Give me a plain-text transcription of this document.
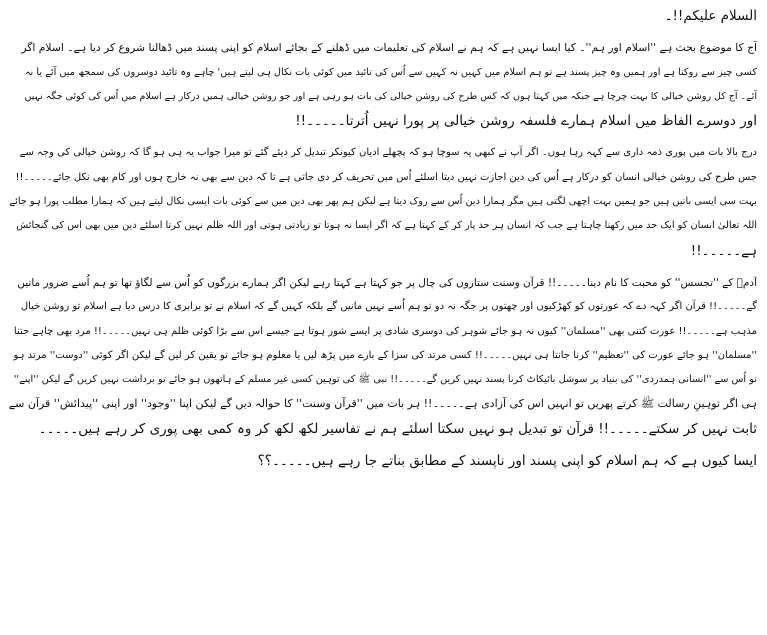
السلام علیکم!!۔
آج کا موضوع بحث ہے ''اسلام اور ہم''۔ کیا ایسا نہیں ہے کہ ہم نے اسلام کی تعلیمات میں ڈھلنے کے بجائے اسلام کو اپنی پسند میں ڈھالنا شروع کر دیا ہے۔ اسلام اگر
کسی چیز سے روکتا ہے اور ہمیں وہ چیز پسند ہے تو ہم اسلام میں کہیں نہ کہیں سے اُس کی تائید میں کوئی بات نکال ہی لیتے ہیں' چاہے وہ تائید دوسروں کی سمجھ میں آئے یا نہ
آئے۔ آج کل روشن خیالی کا بہت چرچا ہے جبکہ میں کہتا ہوں کہ کس طرح کی روشن خیالی کی بات ہو رہی ہے اور جو روشن خیالی ہمیں درکار ہے اسلام میں اُس کی کوئی جگہ نہیں
اور دوسرے الفاظ میں اسلام ہمارے فلسفہ روشن خیالی پر پورا نہیں اُترتا۔۔۔۔۔!!
درج بالا بات میں پوری ذمہ داری سے کہہ رہا ہوں۔ اگر آپ نے کبھی یہ سوچا ہو کہ پچھلے ادیان کیونکر تبدیل کر دیئے گئے تو میرا جواب یہ ہی ہو گا کہ روشن خیالی کی وجہ سے
جس طرح کی روشن خیالی انسان کو درکار ہے اُس کی دین اجازت نہیں دیتا اسلئے اُس میں تحریف کر دی جاتی ہے تا کہ دین سے بھی نہ خارج ہوں اور کام بھی نکل جائے۔۔۔۔۔!!
بہت سی ایسی باتیں ہیں جو ہمیں بہت اچھی لگتی ہیں مگر ہمارا دین اُس سے روک دیتا ہے لیکن ہم پھر بھی دین میں سے کوئی بات ایسی نکال لیتے ہیں کہ ہمارا مطلب پورا ہو جائے
اللہ تعالیٰ انسان کو ایک حد میں رکھنا چاہتا ہے جب کہ انسان ہر حد پار کر کے کہتا ہے کہ اگر ایسا نہ ہوتا تو زیادتی ہوتی اور اللہ ظلم نہیں کرتا اسلئے دین میں بھی اس کی گنجائش
ہے۔۔۔۔۔!!
آدمؑ کے ''تجسس'' کو محبت کا نام دینا۔۔۔۔۔!! قرآن وسنت ستاروں کی چال پر جو کہتا ہے کہتا رہے لیکن اگر ہمارے بزرگوں کو اُس سے لگاؤ تھا تو ہم اُسے ضرور مانیں
گے۔۔۔۔۔!! قرآن اگر کہہ دے کہ عورتوں کو کھڑکیوں اور چھتوں پر جگہ نہ دو تو ہم اُسے نہیں مانیں گے بلکہ کہیں گے کہ اسلام نے تو برابری کا درس دیا ہے اسلام تو روشن خیال
مذہب ہے۔۔۔۔۔!! عورت کتنی بھی ''مسلمان'' کیوں نہ ہو جائے شوہر کی دوسری شادی پر ایسے شور ہوتا ہے جیسے اس سے بڑا کوئی ظلم ہی نہیں۔۔۔۔۔!! مرد بھی چاہے جتنا
''مسلمان'' ہو جائے عورت کی ''تعظیم'' کرنا جانتا ہی نہیں۔۔۔۔۔!! کسی مرتد کی سزا کے بارے میں پڑھ لیں یا معلوم ہو جائے تو یقین کر لیں گے لیکن اگر کوئی ''دوست'' مرتد ہو
تو اُس سے ''انسانی ہمدردی'' کی بنیاد پر سوشل بائیکاٹ کرنا پسند نہیں کریں گے۔۔۔۔۔!! نبی ﷺ کی توہین کسی غیر مسلم کے ہاتھوں ہو جائے تو برداشت نہیں کریں گے لیکن ''اپنے''
ہی اگر توہینِ رسالت ﷺ کرتے پھریں تو انہیں اس کی آزادی ہے۔۔۔۔۔!! ہر بات میں ''قرآن وسنت'' کا حوالہ دیں گے لیکن اپنا ''وجود'' اور اپنی ''پیدائش'' قرآن سے
ثابت نہیں کر سکتے۔۔۔۔۔!! قرآن تو تبدیل ہو نہیں سکتا اسلئے ہم نے تفاسیر لکھ لکھ کر وہ کمی بھی پوری کر رہے ہیں۔۔۔۔۔
ایسا کیوں ہے کہ ہم اسلام کو اپنی پسند اور ناپسند کے مطابق بناتے جا رہے ہیں۔۔۔۔۔؟؟
